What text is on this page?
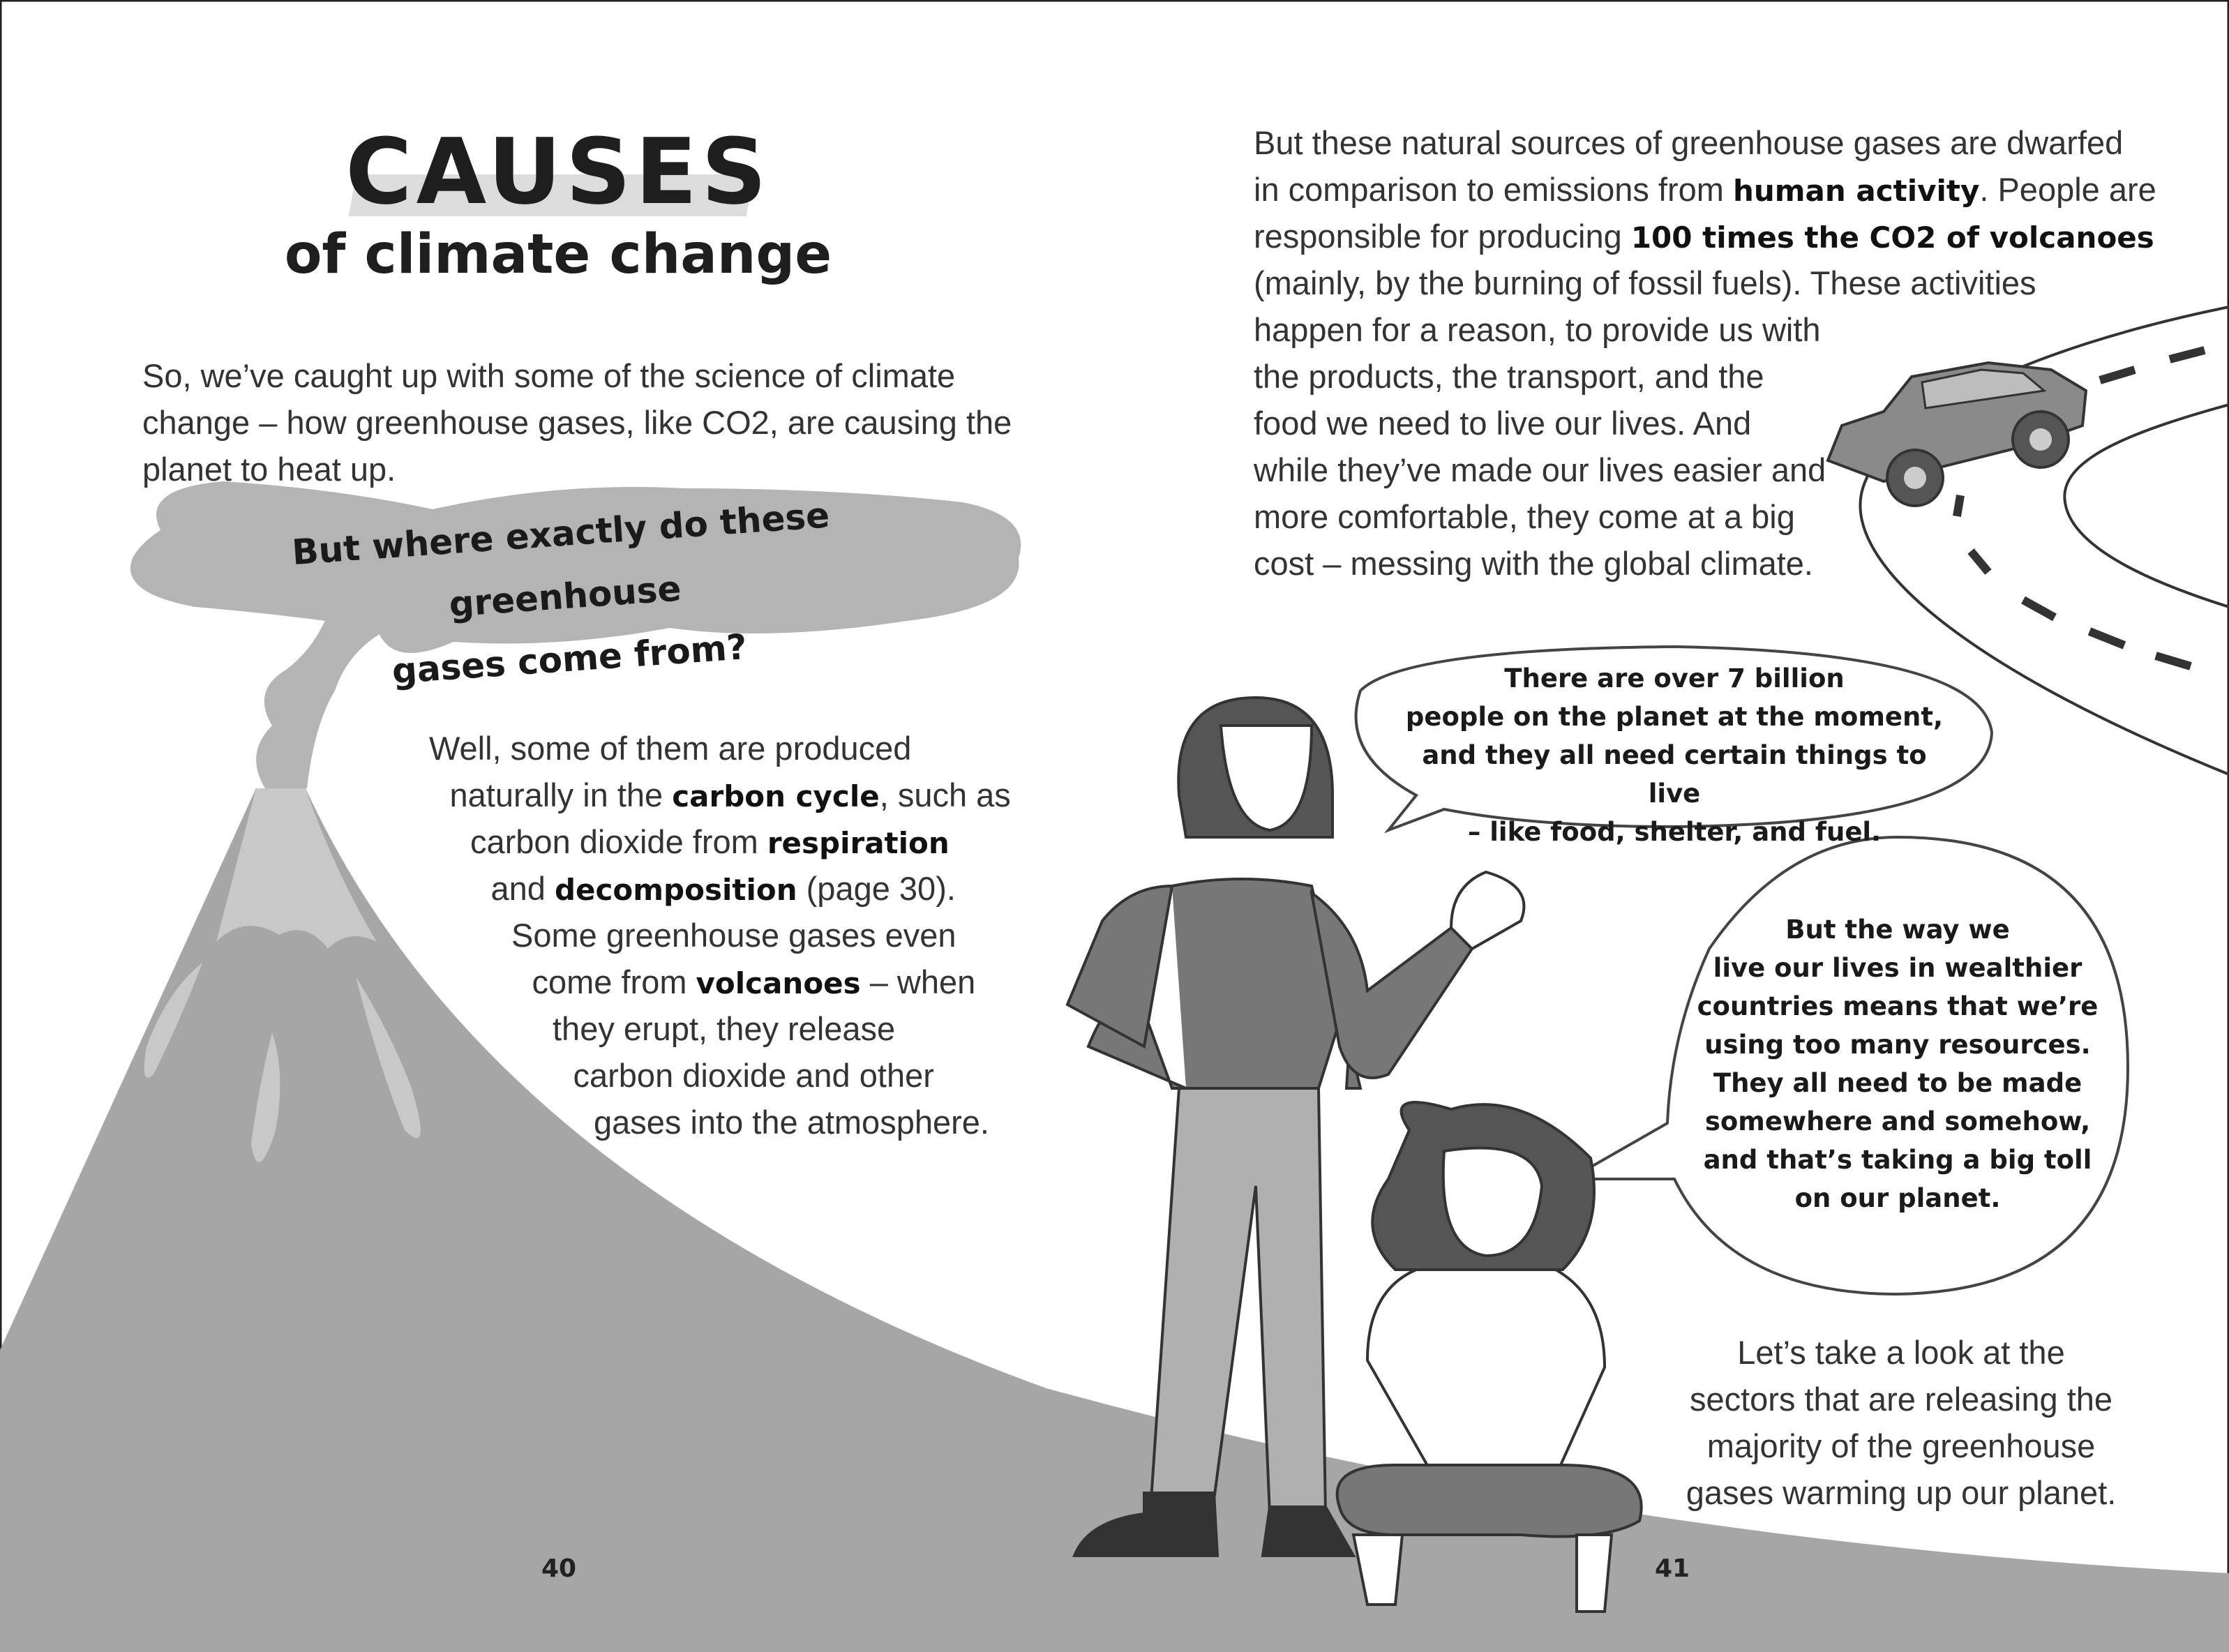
CAUSES
of climate change
So, we’ve caught up with some of the science of climate
change – how greenhouse gases, like CO2, are causing the
planet to heat up.
But where exactly do these greenhouse
gases come from?
Well, some of them are produced
naturally in the carbon cycle, such as
carbon dioxide from respiration
and decomposition (page 30).
Some greenhouse gases even
come from volcanoes – when
they erupt, they release
carbon dioxide and other
gases into the atmosphere.
But these natural sources of greenhouse gases are dwarfed
in comparison to emissions from human activity. People are
responsible for producing 100 times the CO2 of volcanoes
(mainly, by the burning of fossil fuels). These activities
happen for a reason, to provide us with
the products, the transport, and the
food we need to live our lives. And
while they’ve made our lives easier and
more comfortable, they come at a big
cost – messing with the global climate.
There are over 7 billion
people on the planet at the moment,
and they all need certain things to live
– like food, shelter, and fuel.
But the way we
live our lives in wealthier
countries means that we’re
using too many resources.
They all need to be made
somewhere and somehow,
and that’s taking a big toll
on our planet.
Let’s take a look at the
sectors that are releasing the
majority of the greenhouse
gases warming up our planet.
40	41
